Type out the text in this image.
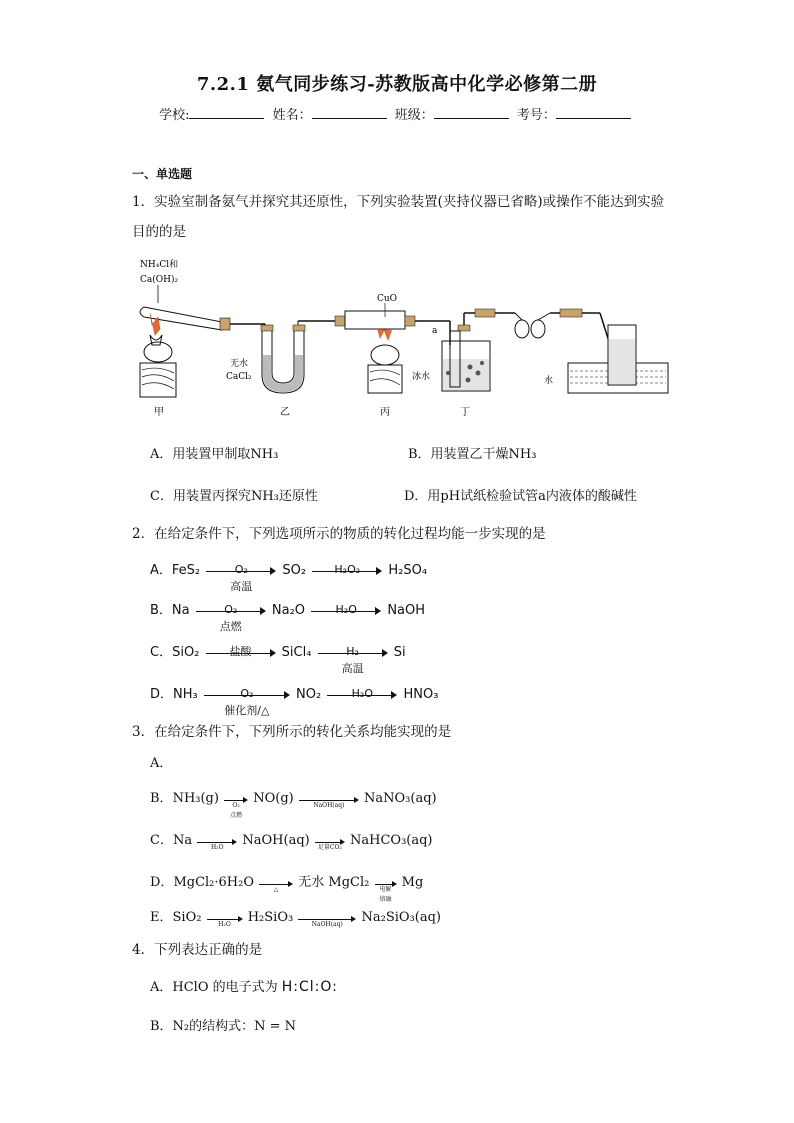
7.2.1 氨气同步练习-苏教版高中化学必修第二册
学校:	姓名：	班级：	考号：
一、单选题
1．实验室制备氨气并探究其还原性，下列实验装置(夹持仪器已省略)或操作不能达到实验目的的是
NH₄Cl和
Ca(OH)₂
甲
无水
CaCl₂
乙
CuO
丙
a
冰水
丁
水
A．用装置甲制取NH₃	B．用装置乙干燥NH₃
C．用装置丙探究NH₃还原性	D．用pH试纸检验试管a内液体的酸碱性
2．在给定条件下，下列选项所示的物质的转化过程均能一步实现的是
A．FeS₂	O₂
高温
SO₂	H₂O₂	H₂SO₄
B．Na	O₂
点燃
Na₂O	H₂O	NaOH
C．SiO₂	盐酸	SiCl₄	H₂
高温
Si
D．NH₃	O₂
催化剂/△
NO₂	H₂O	HNO₃
3．在给定条件下，下列所示的转化关系均能实现的是
A．
B．NH₃(g)	O₂
点燃
NO(g)	NaOH(aq)	NaNO₃(aq)
C．Na	H₂O	NaOH(aq)	足量CO₂ NaHCO₃(aq)
D．MgCl₂·6H₂O	△	无水 MgCl₂	电解
熔融
Mg
E．SiO₂	H₂O	H₂SiO₃	NaOH(aq)	Na₂SiO₃(aq)
4．下列表达正确的是
A．HClO 的电子式为 H:Cl:O:
B．N₂的结构式：N = N
